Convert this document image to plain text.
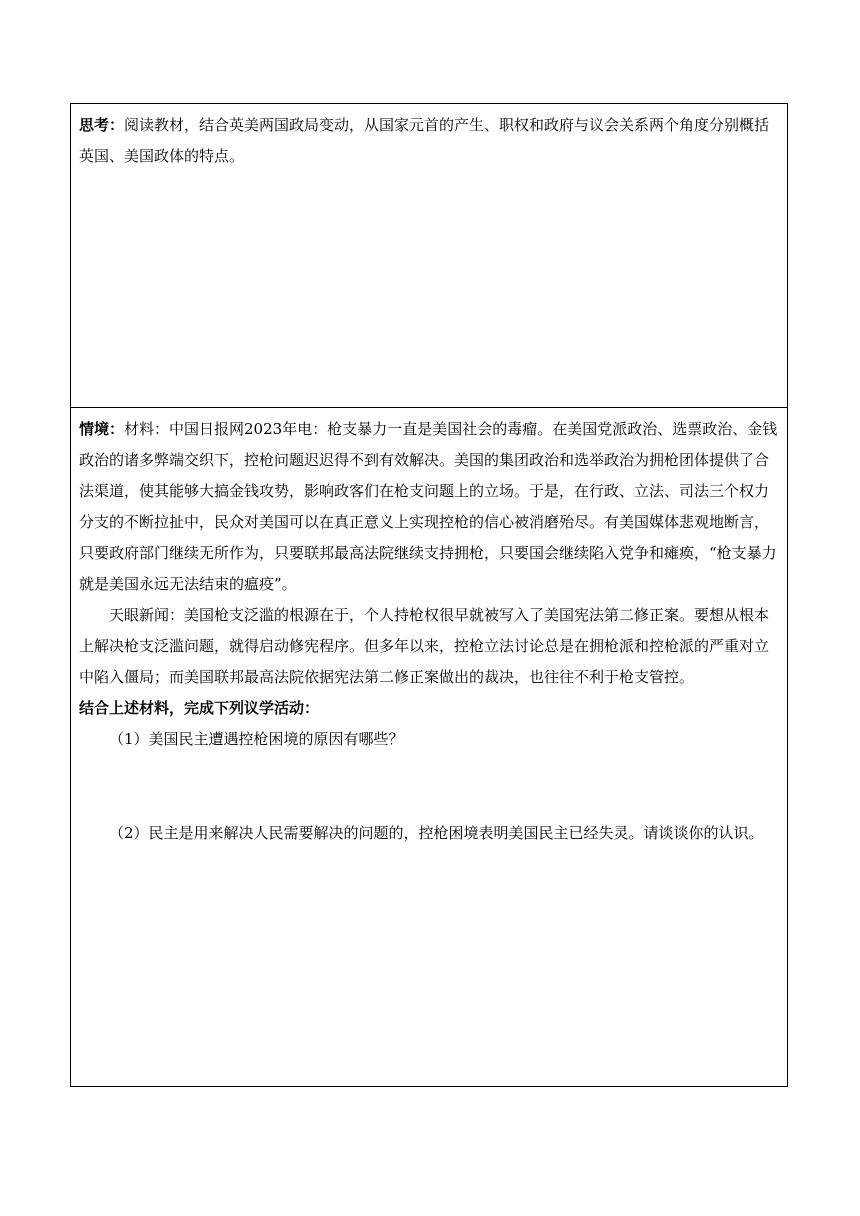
思考：阅读教材，结合英美两国政局变动，从国家元首的产生、职权和政府与议会关系两个角度分别概括英国、美国政体的特点。

情境：材料：中国日报网2023年电：枪支暴力一直是美国社会的毒瘤。在美国党派政治、选票政治、金钱政治的诸多弊端交织下，控枪问题迟迟得不到有效解决。美国的集团政治和选举政治为拥枪团体提供了合法渠道，使其能够大搞金钱攻势，影响政客们在枪支问题上的立场。于是，在行政、立法、司法三个权力分支的不断拉扯中，民众对美国可以在真正意义上实现控枪的信心被消磨殆尽。有美国媒体悲观地断言，只要政府部门继续无所作为，只要联邦最高法院继续支持拥枪，只要国会继续陷入党争和瘫痪，“枪支暴力就是美国永远无法结束的瘟疫”。

天眼新闻：美国枪支泛滥的根源在于，个人持枪权很早就被写入了美国宪法第二修正案。要想从根本上解决枪支泛滥问题，就得启动修宪程序。但多年以来，控枪立法讨论总是在拥枪派和控枪派的严重对立中陷入僵局；而美国联邦最高法院依据宪法第二修正案做出的裁决，也往往不利于枪支管控。

结合上述材料，完成下列议学活动：

（1）美国民主遭遇控枪困境的原因有哪些？

（2）民主是用来解决人民需要解决的问题的，控枪困境表明美国民主已经失灵。请谈谈你的认识。
